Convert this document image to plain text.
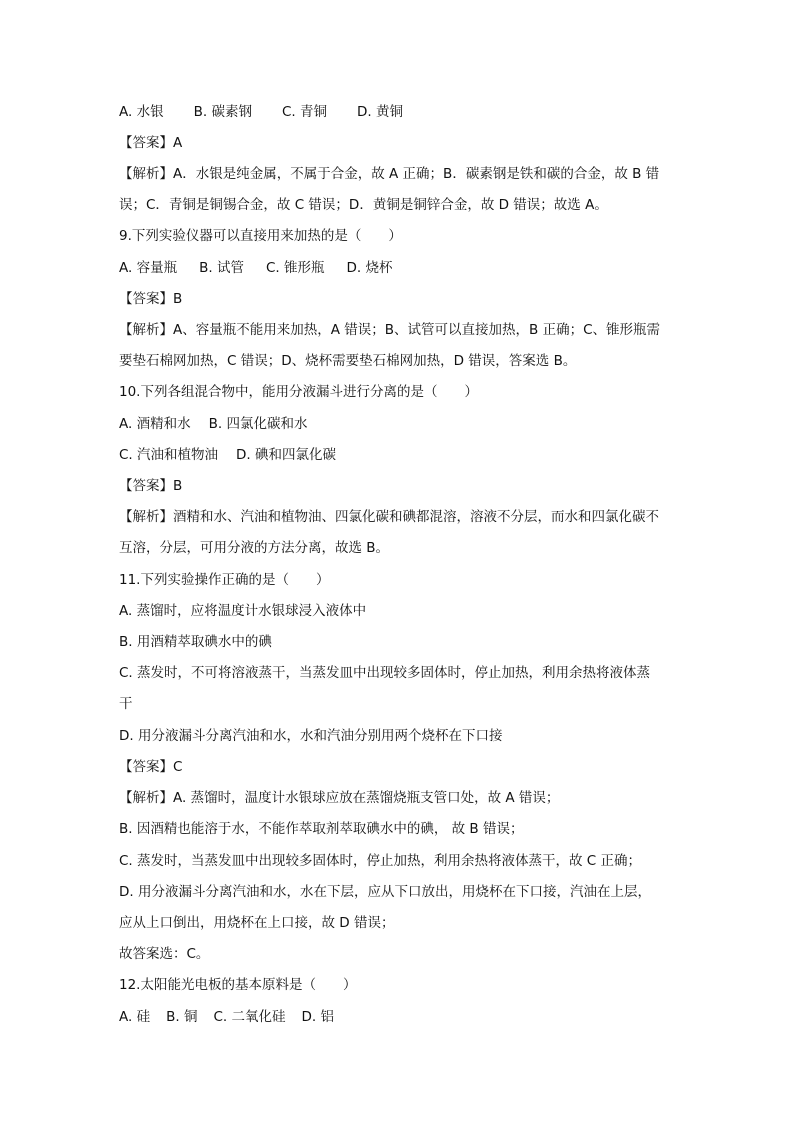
A. 水银 B. 碳素钢 C. 青铜 D. 黄铜
【答案】A
【解析】A．水银是纯金属，不属于合金，故 A 正确；B．碳素钢是铁和碳的合金，故 B 错
误；C．青铜是铜锡合金，故 C 错误；D．黄铜是铜锌合金，故 D 错误；故选 A。
9.下列实验仪器可以直接用来加热的是（　　）
A. 容量瓶 B. 试管 C. 锥形瓶 D. 烧杯
【答案】B
【解析】A、容量瓶不能用来加热，A 错误；B、试管可以直接加热，B 正确；C、锥形瓶需
要垫石棉网加热，C 错误；D、烧杯需要垫石棉网加热，D 错误，答案选 B。
10.下列各组混合物中，能用分液漏斗进行分离的是（　　）
A. 酒精和水 B. 四氯化碳和水
C. 汽油和植物油 D. 碘和四氯化碳
【答案】B
【解析】酒精和水、汽油和植物油、四氯化碳和碘都混溶，溶液不分层，而水和四氯化碳不
互溶，分层，可用分液的方法分离，故选 B。
11.下列实验操作正确的是（　　）
A. 蒸馏时，应将温度计水银球浸入液体中
B. 用酒精萃取碘水中的碘
C. 蒸发时，不可将溶液蒸干，当蒸发皿中出现较多固体时，停止加热，利用余热将液体蒸
干
D. 用分液漏斗分离汽油和水，水和汽油分别用两个烧杯在下口接
【答案】C
【解析】A. 蒸馏时，温度计水银球应放在蒸馏烧瓶支管口处，故 A 错误；
B. 因酒精也能溶于水，不能作萃取剂萃取碘水中的碘， 故 B 错误；
C. 蒸发时，当蒸发皿中出现较多固体时，停止加热，利用余热将液体蒸干，故 C 正确；
D. 用分液漏斗分离汽油和水，水在下层，应从下口放出，用烧杯在下口接，汽油在上层，
应从上口倒出，用烧杯在上口接，故 D 错误；
故答案选：C。
12.太阳能光电板的基本原料是（　　）
A. 硅 B. 铜 C. 二氧化硅 D. 铝
